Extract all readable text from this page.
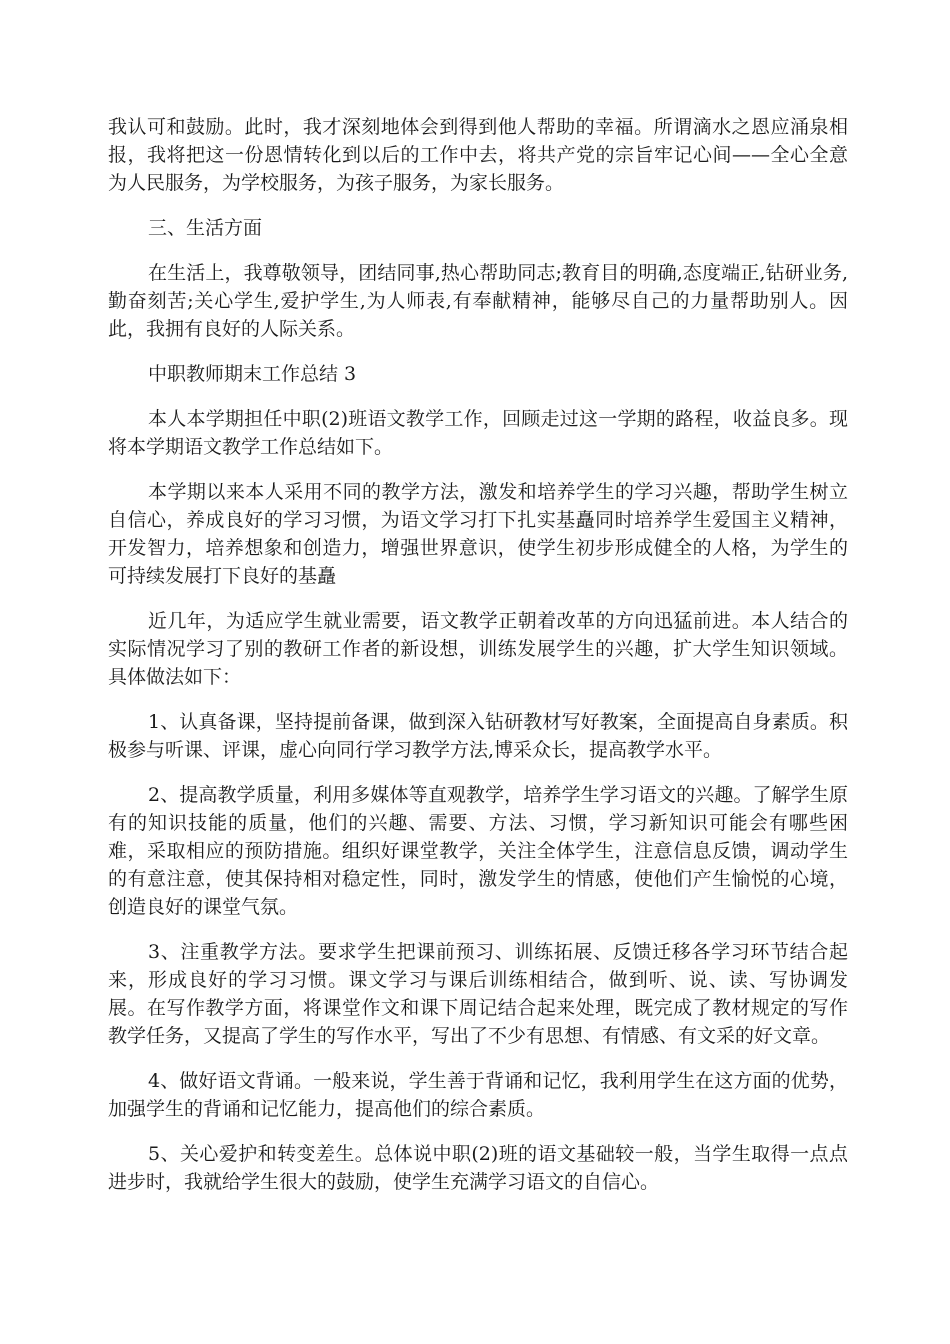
我认可和鼓励。此时，我才深刻地体会到得到他人帮助的幸福。所谓滴水之恩应涌泉相报，我将把这一份恩情转化到以后的工作中去，将共产党的宗旨牢记心间——全心全意为人民服务，为学校服务，为孩子服务，为家长服务。

三、生活方面

在生活上，我尊敬领导，团结同事,热心帮助同志;教育目的明确,态度端正,钻研业务,勤奋刻苦;关心学生,爱护学生,为人师表,有奉献精神，能够尽自己的力量帮助别人。因此，我拥有良好的人际关系。

中职教师期末工作总结 3

本人本学期担任中职(2)班语文教学工作，回顾走过这一学期的路程，收益良多。现将本学期语文教学工作总结如下。

本学期以来本人采用不同的教学方法，激发和培养学生的学习兴趣，帮助学生树立自信心，养成良好的学习习惯，为语文学习打下扎实基矗同时培养学生爱国主义精神，开发智力，培养想象和创造力，增强世界意识，使学生初步形成健全的人格，为学生的可持续发展打下良好的基矗

近几年，为适应学生就业需要，语文教学正朝着改革的方向迅猛前进。本人结合的实际情况学习了别的教研工作者的新设想，训练发展学生的兴趣，扩大学生知识领域。具体做法如下：

1、认真备课，坚持提前备课，做到深入钻研教材写好教案，全面提高自身素质。积极参与听课、评课，虚心向同行学习教学方法,博采众长，提高教学水平。

2、提高教学质量，利用多媒体等直观教学，培养学生学习语文的兴趣。了解学生原有的知识技能的质量，他们的兴趣、需要、方法、习惯，学习新知识可能会有哪些困难，采取相应的预防措施。组织好课堂教学，关注全体学生，注意信息反馈，调动学生的有意注意，使其保持相对稳定性，同时，激发学生的情感，使他们产生愉悦的心境，创造良好的课堂气氛。

3、注重教学方法。要求学生把课前预习、训练拓展、反馈迁移各学习环节结合起来，形成良好的学习习惯。课文学习与课后训练相结合，做到听、说、读、写协调发展。在写作教学方面，将课堂作文和课下周记结合起来处理，既完成了教材规定的写作教学任务，又提高了学生的写作水平，写出了不少有思想、有情感、有文采的好文章。

4、做好语文背诵。一般来说，学生善于背诵和记忆，我利用学生在这方面的优势，加强学生的背诵和记忆能力，提高他们的综合素质。

5、关心爱护和转变差生。总体说中职(2)班的语文基础较一般，当学生取得一点点进步时，我就给学生很大的鼓励，使学生充满学习语文的自信心。
